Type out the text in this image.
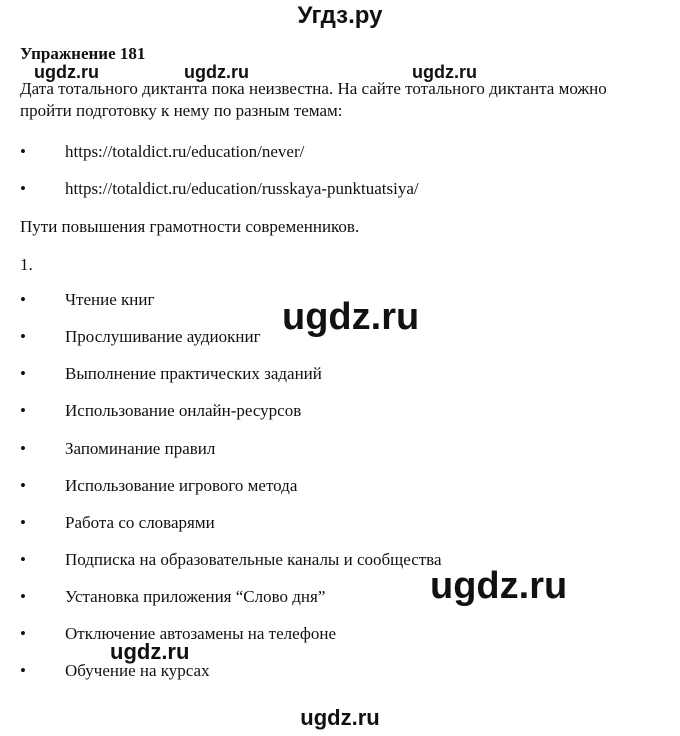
Угдз.ру
Упражнение 181
ugdz.ru	ugdz.ru	ugdz.ru
Дата тотального диктанта пока неизвестна. На сайте тотального диктанта можно пройти подготовку к нему по разным темам:
• https://totaldict.ru/education/never/
• https://totaldict.ru/education/russkaya-punktuatsiya/
Пути повышения грамотности современников.
1.
• Чтение книг
• Прослушивание аудиокниг
• Выполнение практических заданий
• Использование онлайн-ресурсов
• Запоминание правил
• Использование игрового метода
• Работа со словарями
• Подписка на образовательные каналы и сообщества
• Установка приложения “Слово дня”
• Отключение автозамены на телефоне
• Обучение на курсах
ugdz.ru
ugdz.ru
ugdz.ru
ugdz.ru
